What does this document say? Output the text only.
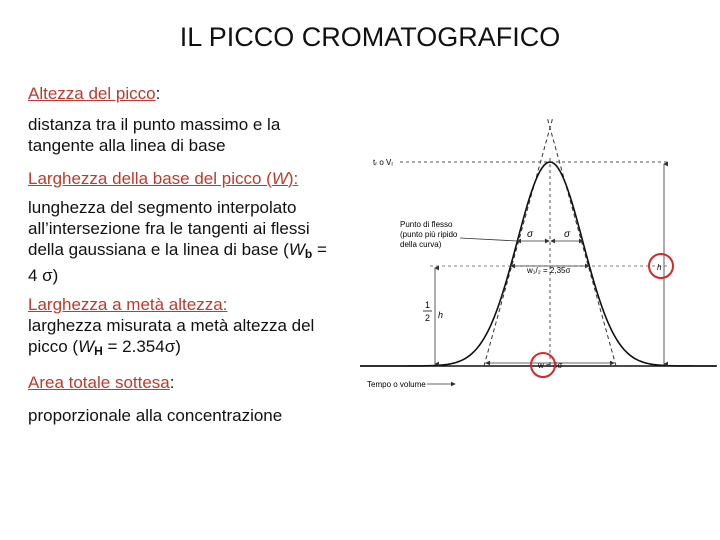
IL PICCO CROMATOGRAFICO

Altezza del picco:

distanza tra il punto massimo e la tangente alla linea di base

Larghezza della base del picco (W):

lunghezza del segmento interpolato all’intersezione fra le tangenti ai flessi della gaussiana e la linea di base ($W_b = 4$ σ)

Larghezza a metà altezza:

larghezza misurata a metà altezza del picco $(W_H = 2.354\sigma)$

Area totale sottesa:

proporzionale alla concentrazione

tᵣ o Vᵣ
Punto di flesso
(punto più ripido
della curva)
σ	σ
w₁/₂ = 2,35σ
1
2 h
h
w = 4σ
Tempo o volume
